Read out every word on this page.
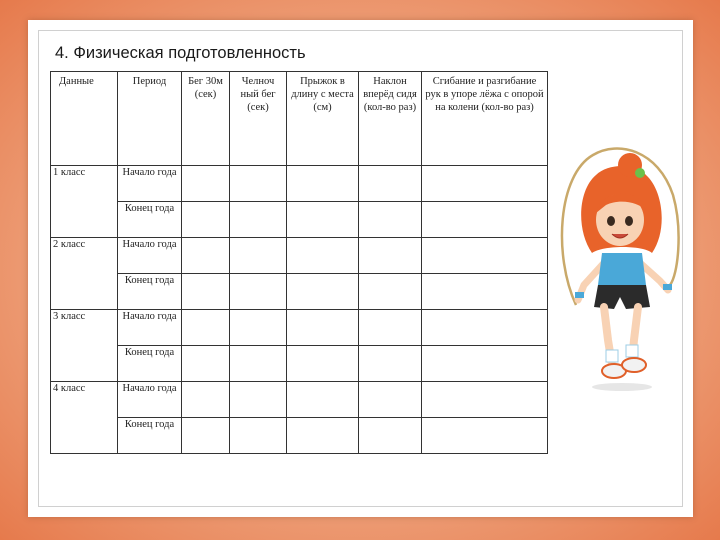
4. Физическая подготовленность
Данные	Период	Бег 30м (сек)	Челноч ный бег (сек)	Прыжок в длину с места (см)	Наклон вперёд сидя (кол-во раз)	Сгибание и разгибание рук в упоре лёжа с опорой на колени (кол-во раз)
1 класс	Начало года					
	Конец года					
2 класс	Начало года					
	Конец года					
3 класс	Начало года					
	Конец года					
4 класс	Начало года					
	Конец года					
